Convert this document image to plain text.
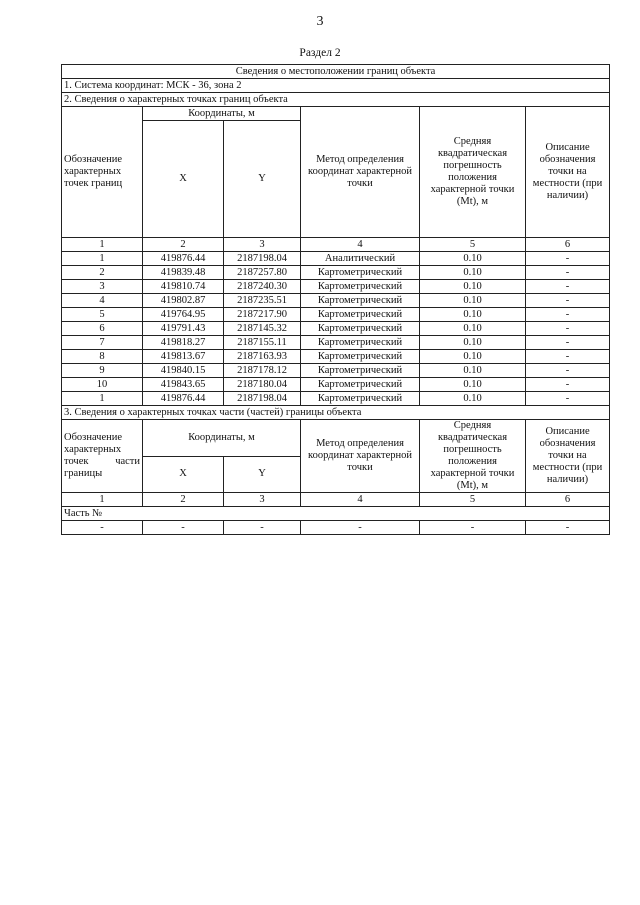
3
Раздел 2
Сведения о местоположении границ объекта					
1. Система координат: МСК - 36, зона 2					
2. Сведения о характерных точках границ объекта					
Обозначение характерных точек границ	Координаты, м		Метод определения координат характерной точки	Средняя квадратическая погрешность положения характерной точки (Mt), м	Описание обозначения точки на местности (при наличии)
	X	Y			
1	2	3	4	5	6
1	419876.44	2187198.04	Аналитический	0.10	-
2	419839.48	2187257.80	Картометрический	0.10	-
3	419810.74	2187240.30	Картометрический	0.10	-
4	419802.87	2187235.51	Картометрический	0.10	-
5	419764.95	2187217.90	Картометрический	0.10	-
6	419791.43	2187145.32	Картометрический	0.10	-
7	419818.27	2187155.11	Картометрический	0.10	-
8	419813.67	2187163.93	Картометрический	0.10	-
9	419840.15	2187178.12	Картометрический	0.10	-
10	419843.65	2187180.04	Картометрический	0.10	-
1	419876.44	2187198.04	Картометрический	0.10	-
3. Сведения о характерных точках части (частей) границы объекта					
Обозначение характерных точек части границы	Координаты, м		Метод определения координат характерной точки	Средняя квадратическая погрешность положения характерной точки (Mt), м	Описание обозначения точки на местности (при наличии)
	X	Y			
1	2	3	4	5	6
Часть №					
-	-	-	-	-	-
